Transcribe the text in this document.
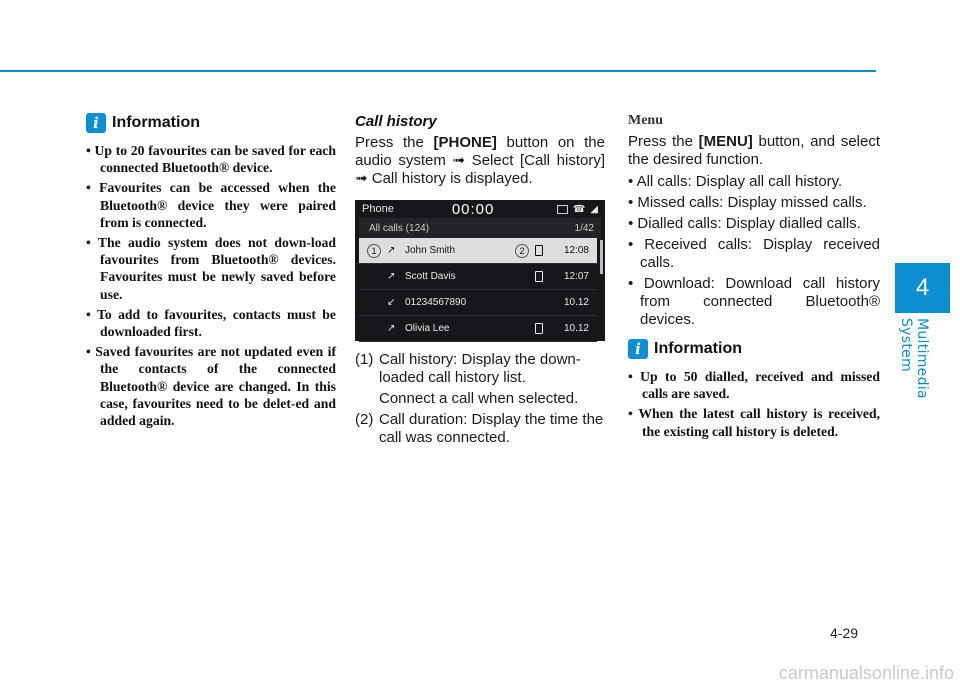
i Information
• Up to 20 favourites can be saved for each connected Bluetooth® device.
• Favourites can be accessed when the Bluetooth® device they were paired from is connected.
• The audio system does not down-load favourites from Bluetooth® devices. Favourites must be newly saved before use.
• To add to favourites, contacts must be downloaded first.
• Saved favourites are not updated even if the contacts of the connected Bluetooth® device are changed. In this case, favourites need to be delet-ed and added again.
Call history
Press the [PHONE] button on the audio system ➟ Select [Call history] ➟ Call history is displayed.
Phone	00:00	☎ ◢
All calls (124)	1/42
1	↗ John Smith	2	12:08
↗ Scott Davis	12:07
↙ 01234567890	10.12
↗ Olivia Lee	10.12
(1) Call history: Display the down-loaded call history list.
Connect a call when selected.
(2) Call duration: Display the time the call was connected.
Menu
Press the [MENU] button, and select the desired function.
• All calls: Display all call history.
• Missed calls: Display missed calls.
• Dialled calls: Display dialled calls.
• Received calls: Display received calls.
• Download: Download call history from connected Bluetooth® devices.
i Information
• Up to 50 dialled, received and missed calls are saved.
• When the latest call history is received, the existing call history is deleted.
4
Multimedia System
4-29
carmanualsonline.info
